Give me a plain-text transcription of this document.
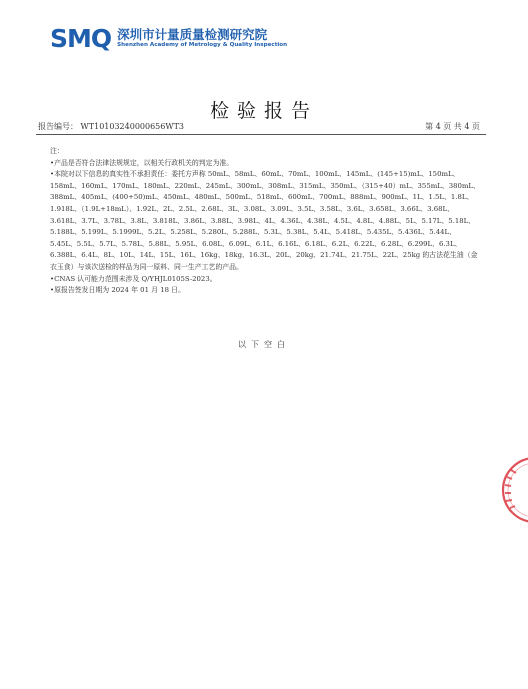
SMQ 深圳市计量质量检测研究院
Shenzhen Academy of Metrology & Quality Inspection
检验报告
报告编号： WT10103240000656WT3	第 4 页 共 4 页

注：

•产品是否符合法律法规规定，以相关行政机关的判定为准。

•本院对以下信息的真实性不承担责任：委托方声称 50mL、58mL、60mL、70mL、100mL、145mL、(145+15)mL、150mL、158mL、160mL、170mL、180mL、220mL、245mL、300mL、308mL、315mL、350mL、（315+40）mL、355mL、380mL、388mL、405mL、(400+50)mL、450mL、480mL、500mL、518mL、600mL、700mL、888mL、900mL、1L、1.5L、1.8L、1.918L、（1.9L+18mL）、1.92L、2L、2.5L、2.68L、3L、3.08L、3.09L、3.5L、3.58L、3.6L、3.658L、3.66L、3.68L、3.618L、3.7L、3.78L、3.8L、3.818L、3.86L、3.88L、3.98L、4L、4.36L、4.38L、4.5L、4.8L、4.88L、5L、5.17L、5.18L、5.188L、5.199L、5.1999L、5.2L、5.258L、5.280L、5.288L、5.3L、5.38L、5.4L、5.418L、5.435L、5.436L、5.44L、5.45L、5.5L、5.7L、5.78L、5.88L、5.95L、6.08L、6.09L、6.1L、6.16L、6.18L、6.2L、6.22L、6.28L、6.299L、6.3L、6.388L、6.4L、8L、10L、14L、15L、16L、16kg、18kg、16.3L、20L、20kg、21.74L、21.75L、22L、25kg 的古法花生油（金衣玉食）与该次送检的样品为同一原料、同一生产工艺的产品。

•CNAS 认可能力范围未涉及 Q/YHJL0105S-2023。

•原报告签发日期为 2024 年 01 月 18 日。

以下空白
